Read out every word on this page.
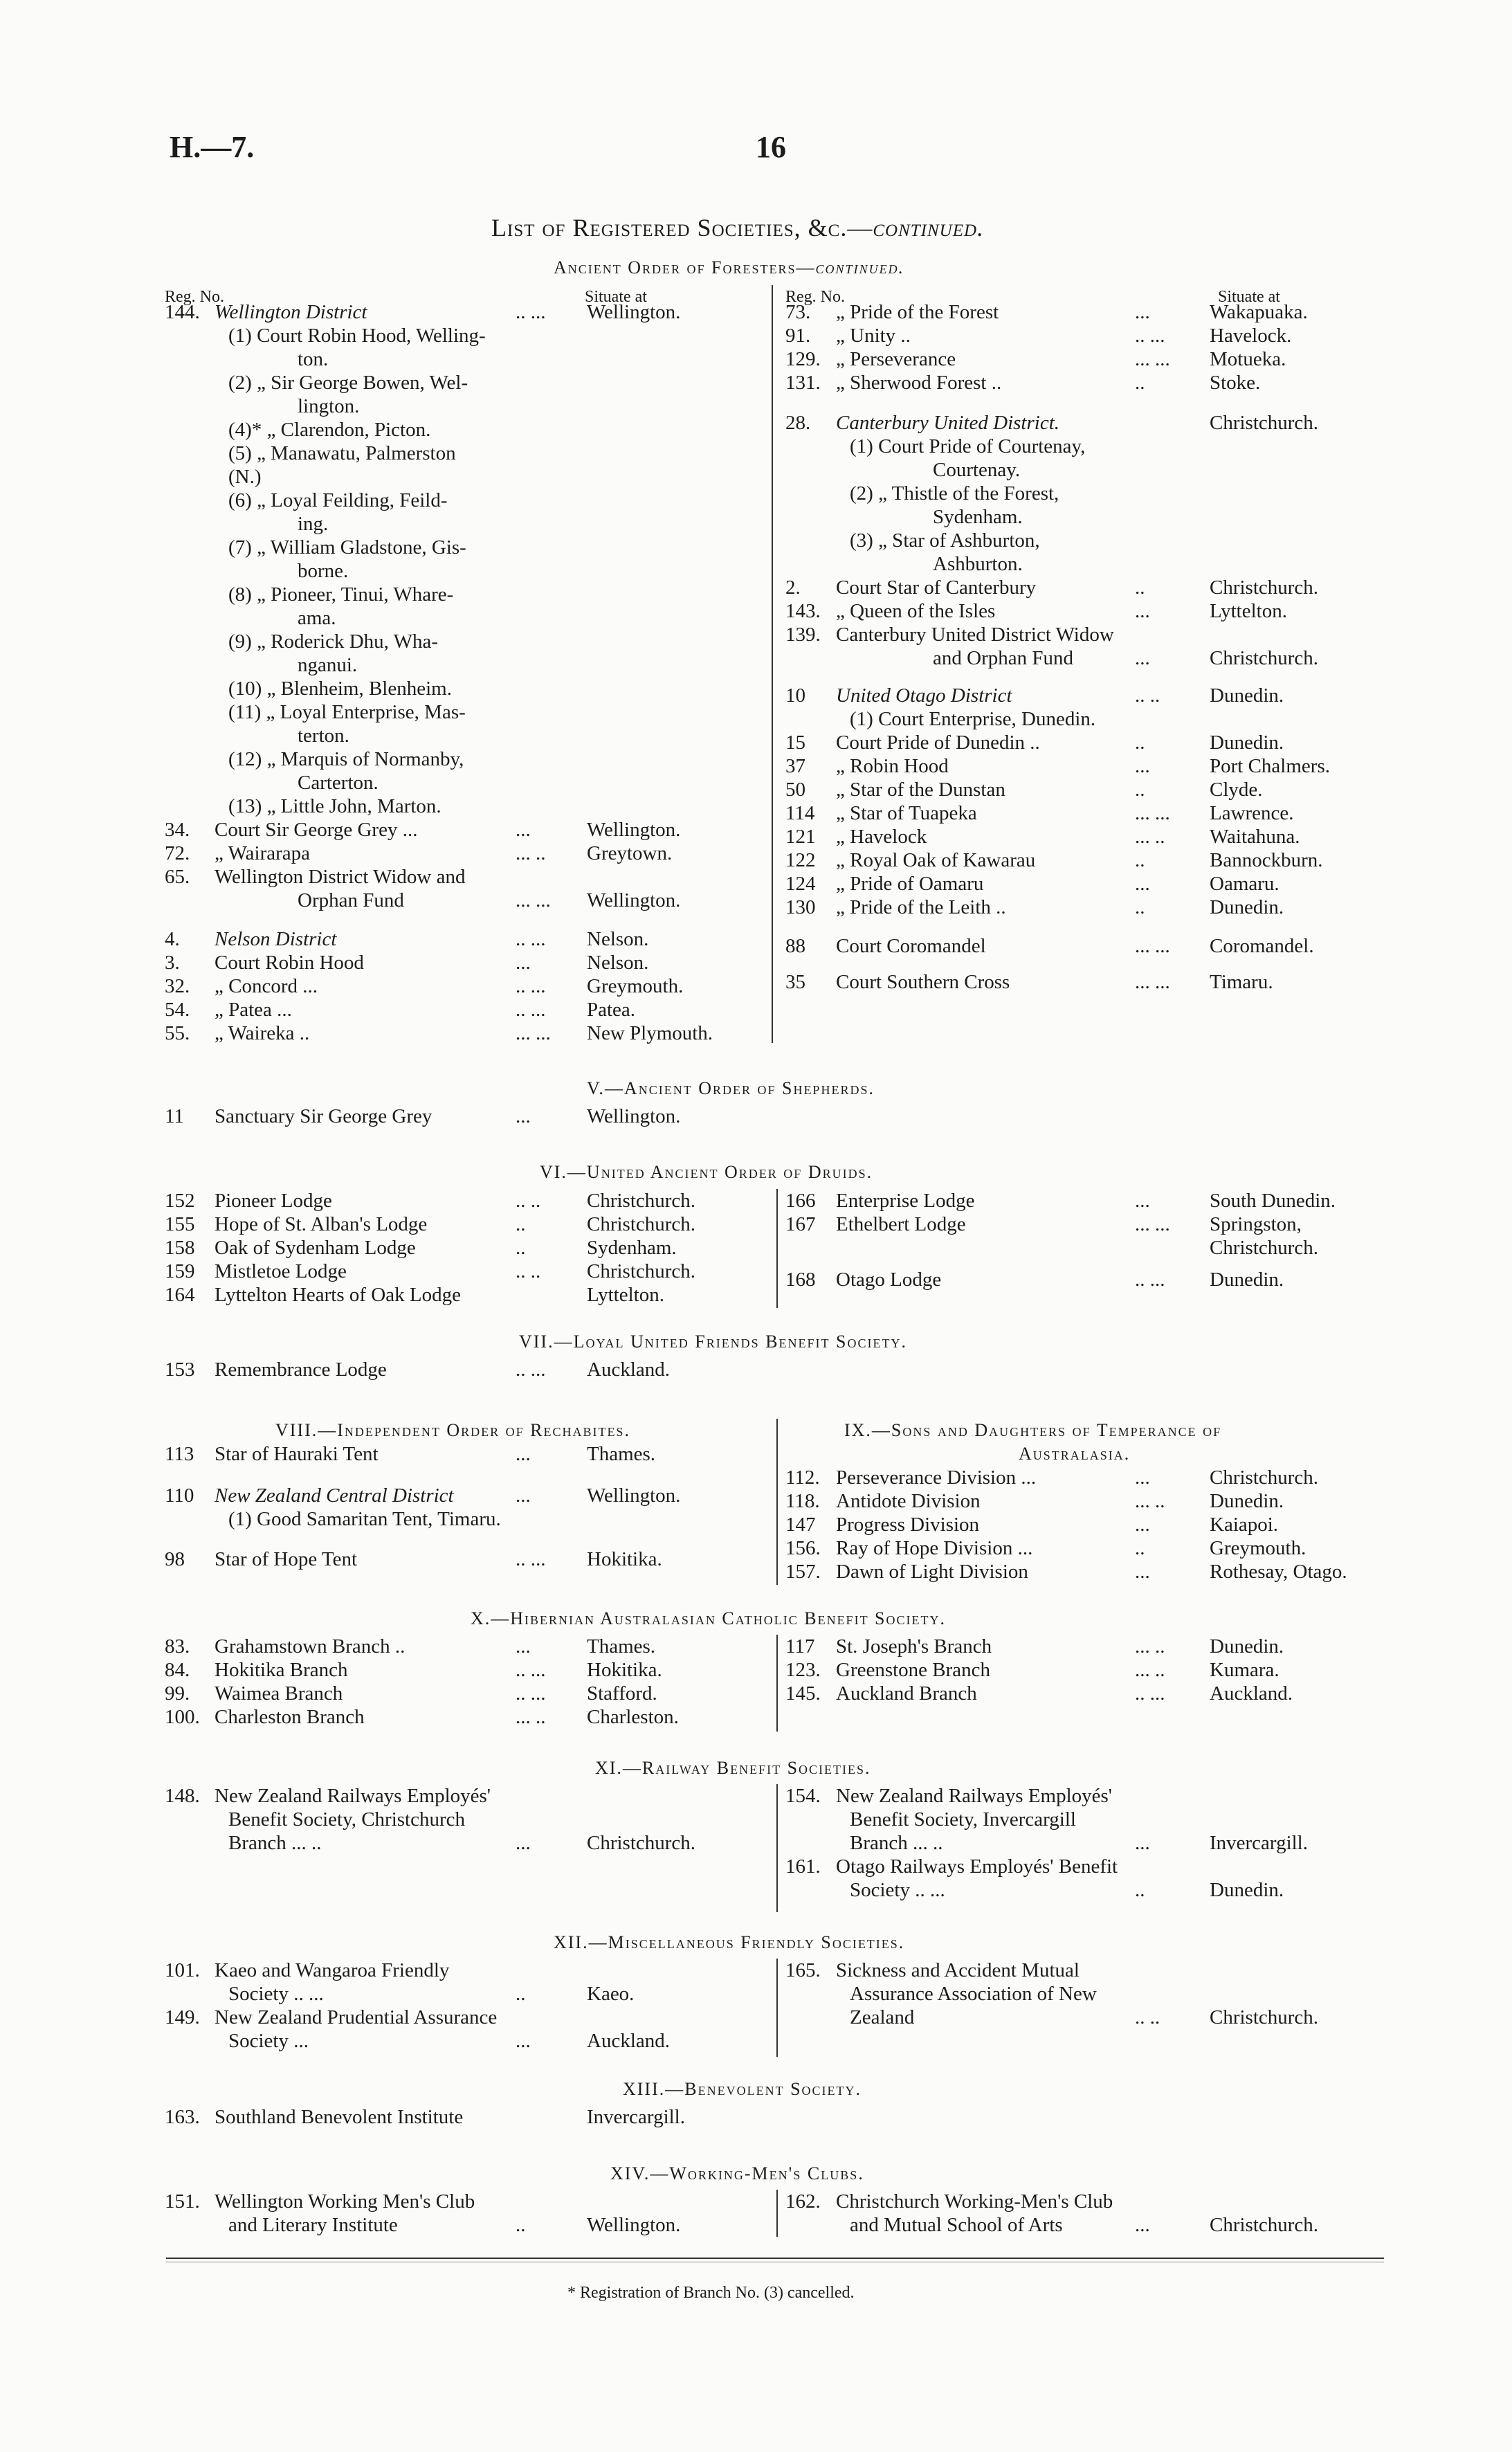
H.—7.	16
List of Registered Societies, &c.—continued.
Ancient Order of Foresters—continued.
Reg. No.	Situate at	Reg. No.	Situate at
144. Wellington District	.. ... Wellington.
(1) Court Robin Hood, Welling-
ton.
(2) „ Sir George Bowen, Wel-
lington.
(4)* „ Clarendon, Picton.
(5) „ Manawatu, Palmerston
(N.)
(6) „ Loyal Feilding, Feild-
ing.
(7) „ William Gladstone, Gis-
borne.
(8) „ Pioneer, Tinui, Whare-
ama.
(9) „ Roderick Dhu, Wha-
nganui.
(10) „ Blenheim, Blenheim.
(11) „ Loyal Enterprise, Mas-
terton.
(12) „ Marquis of Normanby,
Carterton.
(13) „ Little John, Marton.
34. Court Sir George Grey ...	...	Wellington.
72. „ Wairarapa	... .. Greytown.
65. Wellington District Widow and
Orphan Fund	... ... Wellington.
4. Nelson District	.. ... Nelson.
3. Court Robin Hood	...	Nelson.
32. „ Concord ...	.. ... Greymouth.
54. „ Patea ...	.. ... Patea.
55. „ Waireka ..	... ... New Plymouth.
73. „ Pride of the Forest	...	Wakapuaka.
91. „ Unity ..	.. ... Havelock.
129. „ Perseverance	... ... Motueka.
131. „ Sherwood Forest ..	..	Stoke.
28. Canterbury United District.	Christchurch.
(1) Court Pride of Courtenay,
Courtenay.
(2) „ Thistle of the Forest,
Sydenham.
(3) „ Star of Ashburton,
Ashburton.
2. Court Star of Canterbury	..	Christchurch.
143. „ Queen of the Isles	...	Lyttelton.
139. Canterbury United District Widow
and Orphan Fund	...	Christchurch.
10 United Otago District	.. .. Dunedin.
(1) Court Enterprise, Dunedin.
15 Court Pride of Dunedin ..	..	Dunedin.
37 „ Robin Hood	...	Port Chalmers.
50 „ Star of the Dunstan	..	Clyde.
114 „ Star of Tuapeka	... ... Lawrence.
121 „ Havelock	... .. Waitahuna.
122 „ Royal Oak of Kawarau	..	Bannockburn.
124 „ Pride of Oamaru	...	Oamaru.
130 „ Pride of the Leith ..	..	Dunedin.
88 Court Coromandel	... ... Coromandel.
35 Court Southern Cross	... ... Timaru.
V.—Ancient Order of Shepherds.
11 Sanctuary Sir George Grey	...	Wellington.
VI.—United Ancient Order of Druids.
152 Pioneer Lodge	.. .. Christchurch.
155 Hope of St. Alban's Lodge	..	Christchurch.
158 Oak of Sydenham Lodge	..	Sydenham.
159 Mistletoe Lodge	.. .. Christchurch.
164 Lyttelton Hearts of Oak Lodge	Lyttelton.
166 Enterprise Lodge	...	South Dunedin.
167 Ethelbert Lodge	... ... Springston,
Christchurch.
168 Otago Lodge	.. ... Dunedin.
VII.—Loyal United Friends Benefit Society.
153 Remembrance Lodge	.. ... Auckland.
VIII.—Independent Order of Rechabites.	IX.—Sons and Daughters of Temperance of
Australasia.
113 Star of Hauraki Tent	...	Thames.
110 New Zealand Central District	...	Wellington.
(1) Good Samaritan Tent, Timaru.
98 Star of Hope Tent	.. ... Hokitika.
112. Perseverance Division ...	...	Christchurch.
118. Antidote Division	... .. Dunedin.
147 Progress Division	...	Kaiapoi.
156. Ray of Hope Division ...	..	Greymouth.
157. Dawn of Light Division	...	Rothesay, Otago.
X.—Hibernian Australasian Catholic Benefit Society.
83. Grahamstown Branch ..	...	Thames.
84. Hokitika Branch	.. ... Hokitika.
99. Waimea Branch	.. ... Stafford.
100. Charleston Branch	... .. Charleston.
117 St. Joseph's Branch	... .. Dunedin.
123. Greenstone Branch	... .. Kumara.
145. Auckland Branch	.. ... Auckland.
XI.—Railway Benefit Societies.
148. New Zealand Railways Employés'
Benefit Society, Christchurch
Branch ... ..	...	Christchurch.
154. New Zealand Railways Employés'
Benefit Society, Invercargill
Branch ... ..	...	Invercargill.
161. Otago Railways Employés' Benefit
Society .. ...	..	Dunedin.
XII.—Miscellaneous Friendly Societies.
101. Kaeo and Wangaroa Friendly
Society .. ...	..	Kaeo.
149. New Zealand Prudential Assurance
Society ...	...	Auckland.
165. Sickness and Accident Mutual
Assurance Association of New
Zealand	.. .. Christchurch.
XIII.—Benevolent Society.
163. Southland Benevolent Institute	Invercargill.
XIV.—Working-Men's Clubs.
151. Wellington Working Men's Club
and Literary Institute	..	Wellington.
162. Christchurch Working-Men's Club
and Mutual School of Arts	...	Christchurch.
* Registration of Branch No. (3) cancelled.
